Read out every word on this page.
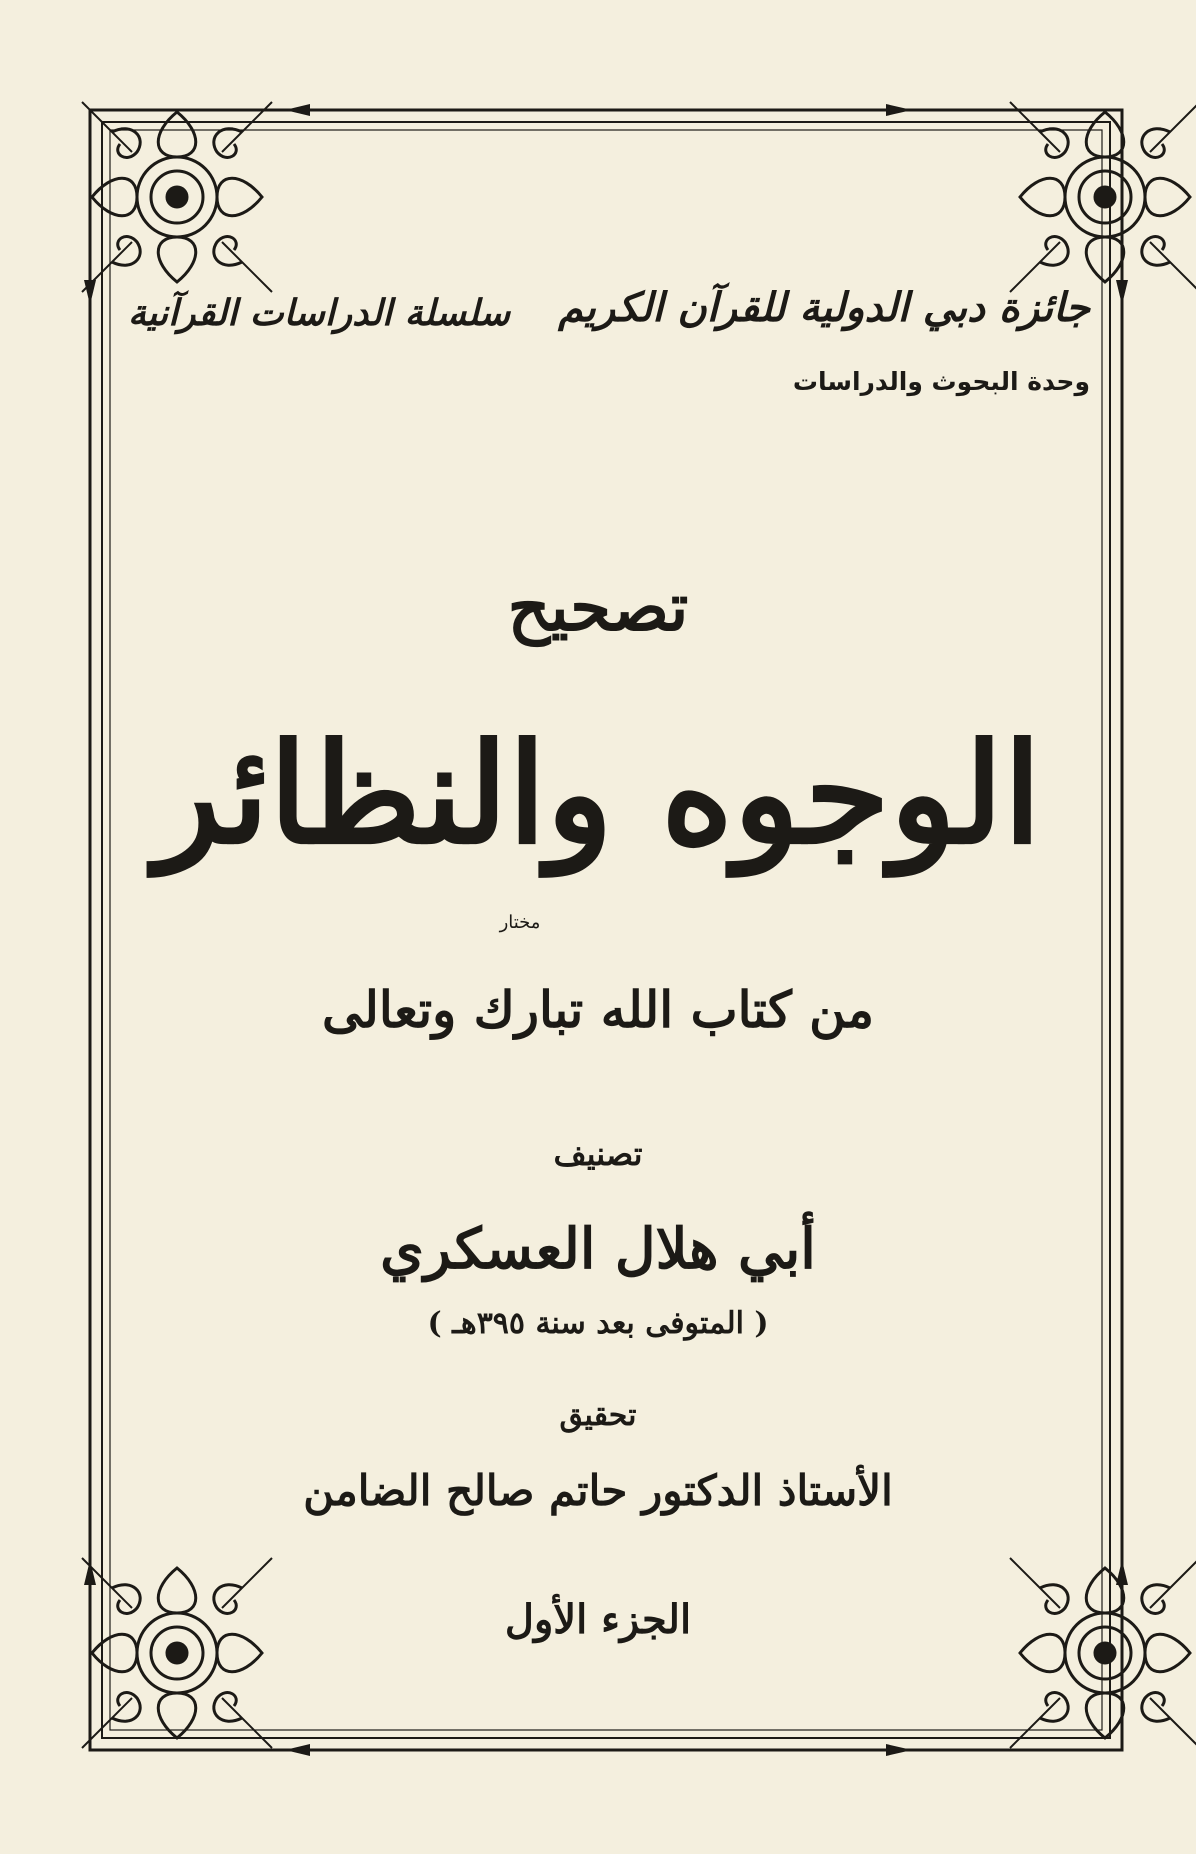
جائزة دبي الدولية للقرآن الكريم
وحدة البحوث والدراسات
سلسلة الدراسات القرآنية
تصحيح
الوجوه والنظائر
مختار
من كتاب الله تبارك وتعالى
تصنيف
أبي هلال العسكري
( المتوفى بعد سنة ٣٩٥هـ )
تحقيق
الأستاذ الدكتور حاتم صالح الضامن
الجزء الأول
